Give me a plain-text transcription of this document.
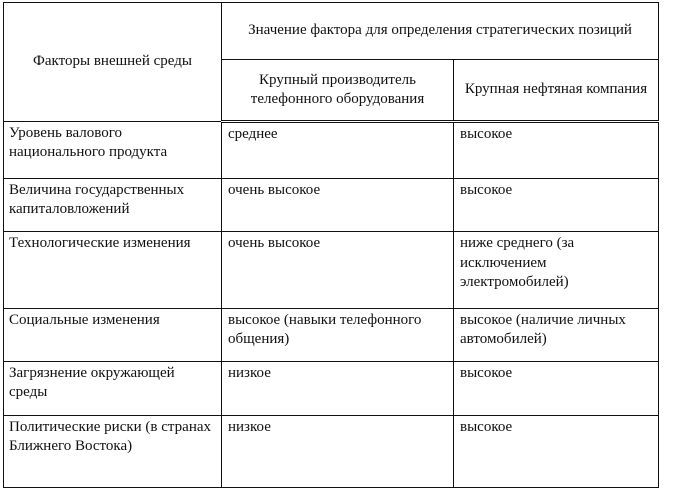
Факторы внешней среды	Значение фактора для определения стратегических позиций	

	Крупный производитель телефонного оборудования	Крупная нефтяная компания

Уровень валового национального продукта	среднее	высокое

Величина государственных капиталовложений	очень высокое	высокое

Технологические изменения	очень высокое	ниже среднего (за исключением электромобилей)

Социальные изменения	высокое (навыки телефонного общения)	высокое (наличие личных автомобилей)

Загрязнение окружающей среды	низкое	высокое

Политические риски (в странах Ближнего Востока)	низкое	высокое
